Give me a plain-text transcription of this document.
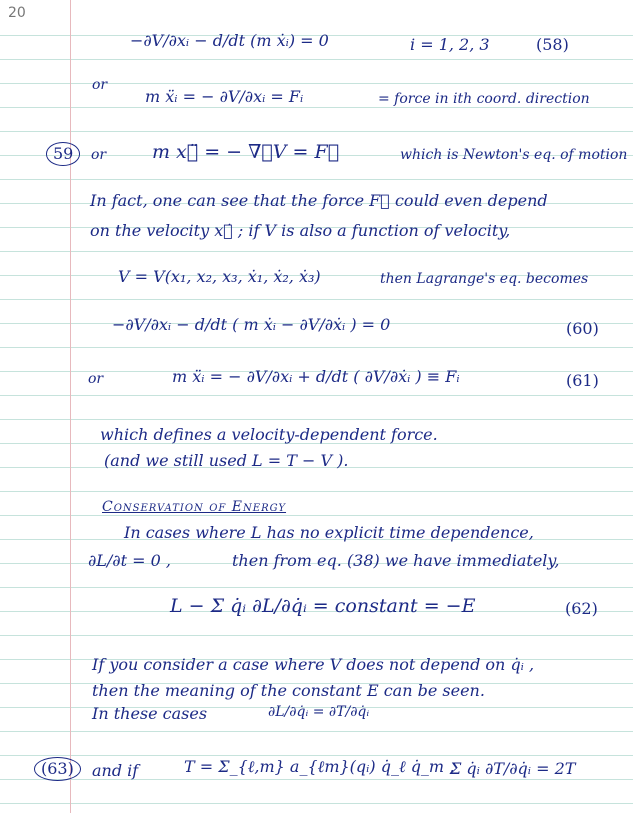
20
−∂V/∂xᵢ − d/dt (m ẋᵢ) = 0	i = 1, 2, 3	(58)
or
m ẍᵢ = − ∂V/∂xᵢ = Fᵢ	= force in ith coord. direction
59	or m x⃗̈ = − ∇⃗V = F⃗	which is Newton's eq. of motion
In fact, one can see that the force F⃗ could even depend
on the velocity x⃗̇ ; if V is also a function of velocity,
V = V(x₁, x₂, x₃, ẋ₁, ẋ₂, ẋ₃)	then Lagrange's eq. becomes
−∂V/∂xᵢ − d/dt ( m ẋᵢ − ∂V/∂ẋᵢ ) = 0	(60)
or	m ẍᵢ = − ∂V/∂xᵢ + d/dt ( ∂V/∂ẋᵢ ) ≡ Fᵢ	(61)
which defines a velocity-dependent force.
(and we still used L = T − V ).
Conservation of Energy
In cases where L has no explicit time dependence,
∂L/∂t = 0 ,	then from eq. (38) we have immediately,
L − Σ q̇ᵢ ∂L/∂q̇ᵢ = constant = −E	(62)
If you consider a case where V does not depend on q̇ᵢ ,
then the meaning of the constant E can be seen.
In these cases	∂L/∂q̇ᵢ = ∂T/∂q̇ᵢ
(63)	and if	T = Σ_{ℓ,m} a_{ℓm}(qᵢ) q̇_ℓ q̇_m ,
Σ q̇ᵢ ∂T/∂q̇ᵢ = 2T
